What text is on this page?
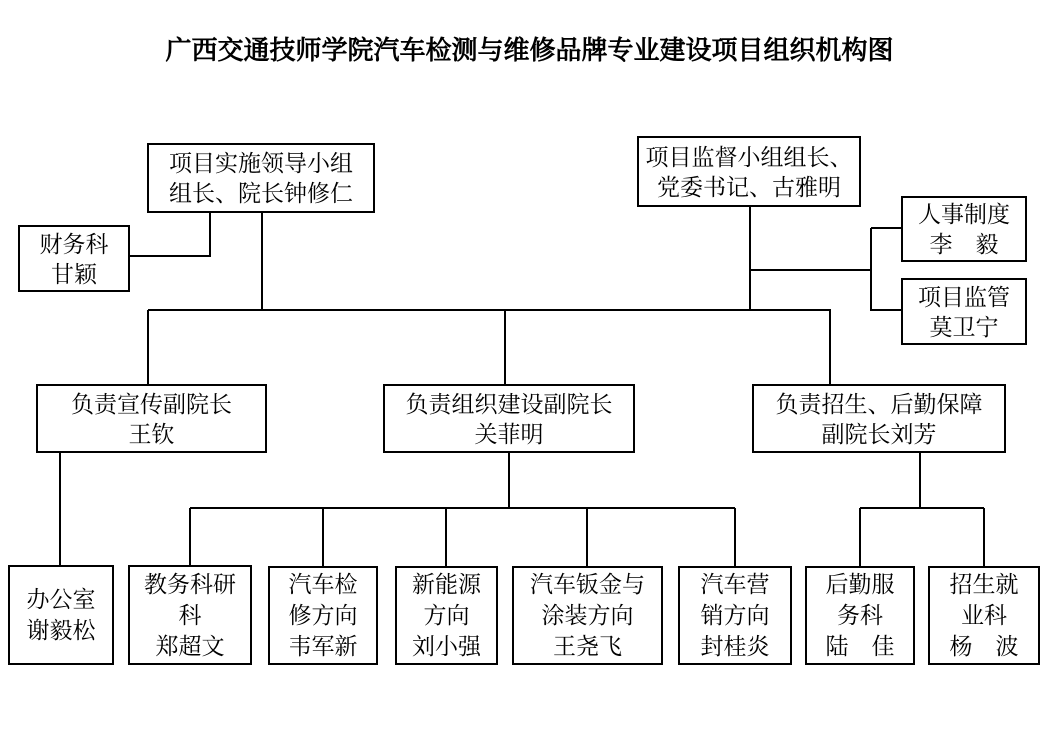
广西交通技师学院汽车检测与维修品牌专业建设项目组织机构图
项目实施领导小组
组长、院长钟修仁
财务科
甘颖
项目监督小组组长、
党委书记、古雅明
人事制度
李　毅
项目监管
莫卫宁
负责宣传副院长
王钦
负责组织建设副院长
关菲明
负责招生、后勤保障
副院长刘芳
办公室
谢毅松
教务科研
科
郑超文
汽车检
修方向
韦军新
新能源
方向
刘小强
汽车钣金与
涂装方向
王尧飞
汽车营
销方向
封桂炎
后勤服
务科
陆　佳
招生就
业科
杨　波
